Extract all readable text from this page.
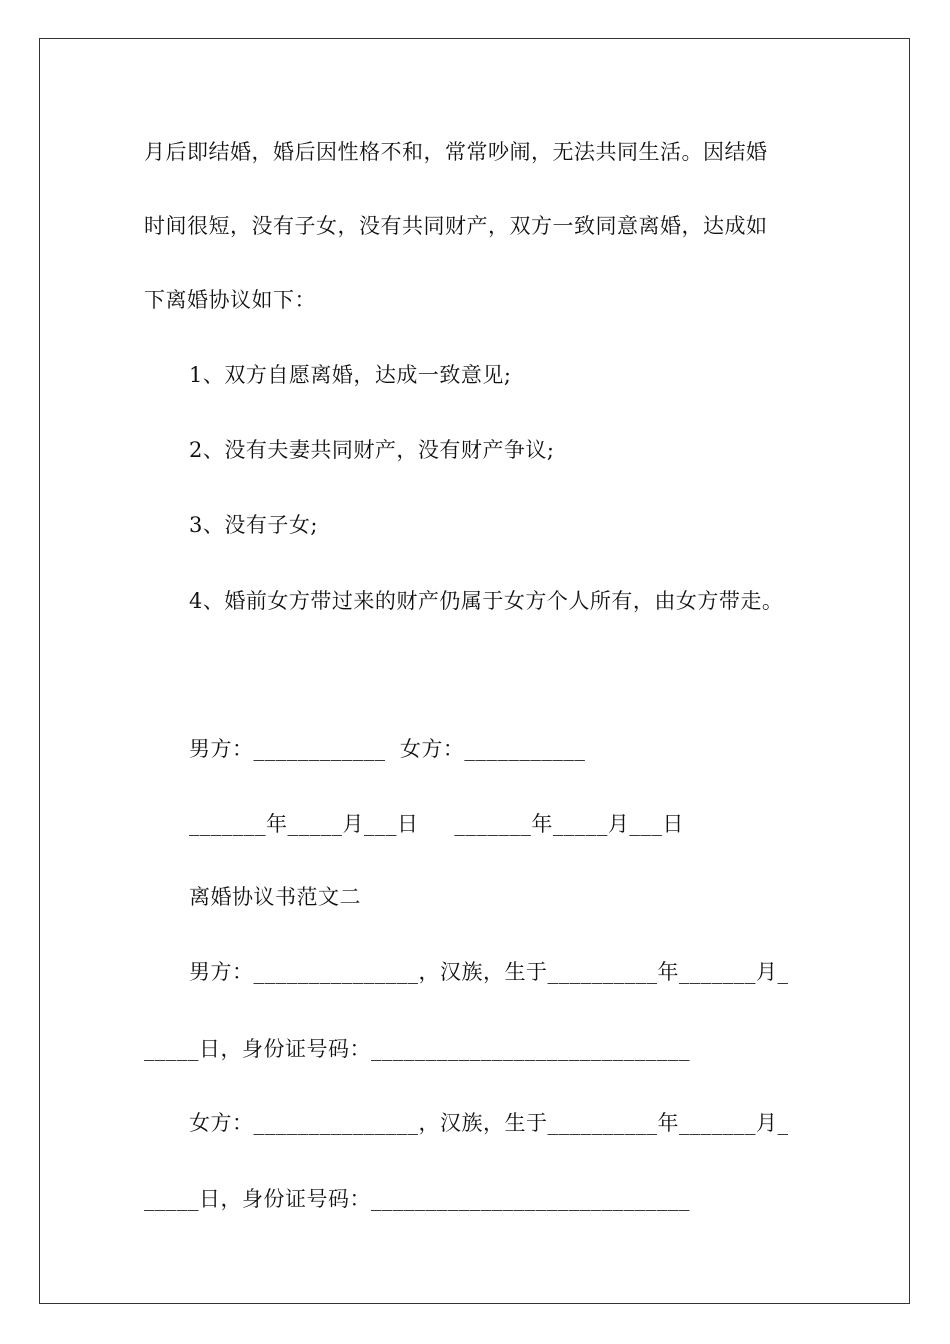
月后即结婚，婚后因性格不和，常常吵闹，无法共同生活。因结婚
时间很短，没有子女，没有共同财产，双方一致同意离婚，达成如
下离婚协议如下：
1、双方自愿离婚，达成一致意见;
2、没有夫妻共同财产，没有财产争议;
3、没有子女;
4、婚前女方带过来的财产仍属于女方个人所有，由女方带走。
男方：____________  女方：___________
_______年_____月___日     _______年_____月___日
离婚协议书范文二
男方：_______________，汉族，生于__________年_______月_
_____日，身份证号码：_____________________________
女方：_______________，汉族，生于__________年_______月_
_____日，身份证号码：_____________________________
